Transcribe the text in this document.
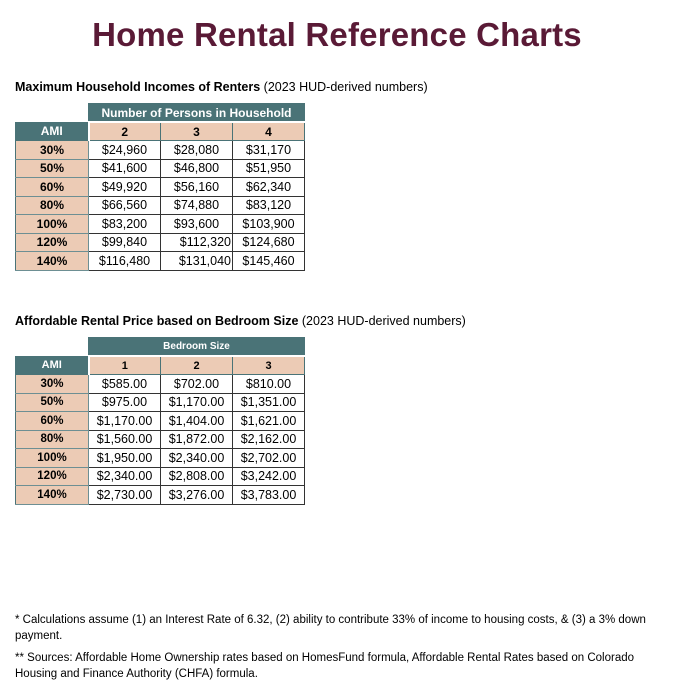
Home Rental Reference Charts
Maximum Household Incomes of Renters (2023 HUD-derived numbers)
	Number of Persons in Household		
AMI	2	3	4
30%	$24,960	$28,080	$31,170
50%	$41,600	$46,800	$51,950
60%	$49,920	$56,160	$62,340
80%	$66,560	$74,880	$83,120
100%	$83,200	$93,600	$103,900
120%	$99,840	$112,320	$124,680
140%	$116,480	$131,040	$145,460
Affordable Rental Price based on Bedroom Size (2023 HUD-derived numbers)
	Bedroom Size		
AMI	1	2	3
30%	$585.00	$702.00	$810.00
50%	$975.00	$1,170.00	$1,351.00
60%	$1,170.00	$1,404.00	$1,621.00
80%	$1,560.00	$1,872.00	$2,162.00
100%	$1,950.00	$2,340.00	$2,702.00
120%	$2,340.00	$2,808.00	$3,242.00
140%	$2,730.00	$3,276.00	$3,783.00
* Calculations assume (1) an Interest Rate of 6.32, (2) ability to contribute 33% of income to housing costs, & (3) a 3% down payment.
** Sources: Affordable Home Ownership rates based on HomesFund formula, Affordable Rental Rates based on Colorado Housing and Finance Authority (CHFA) formula.
